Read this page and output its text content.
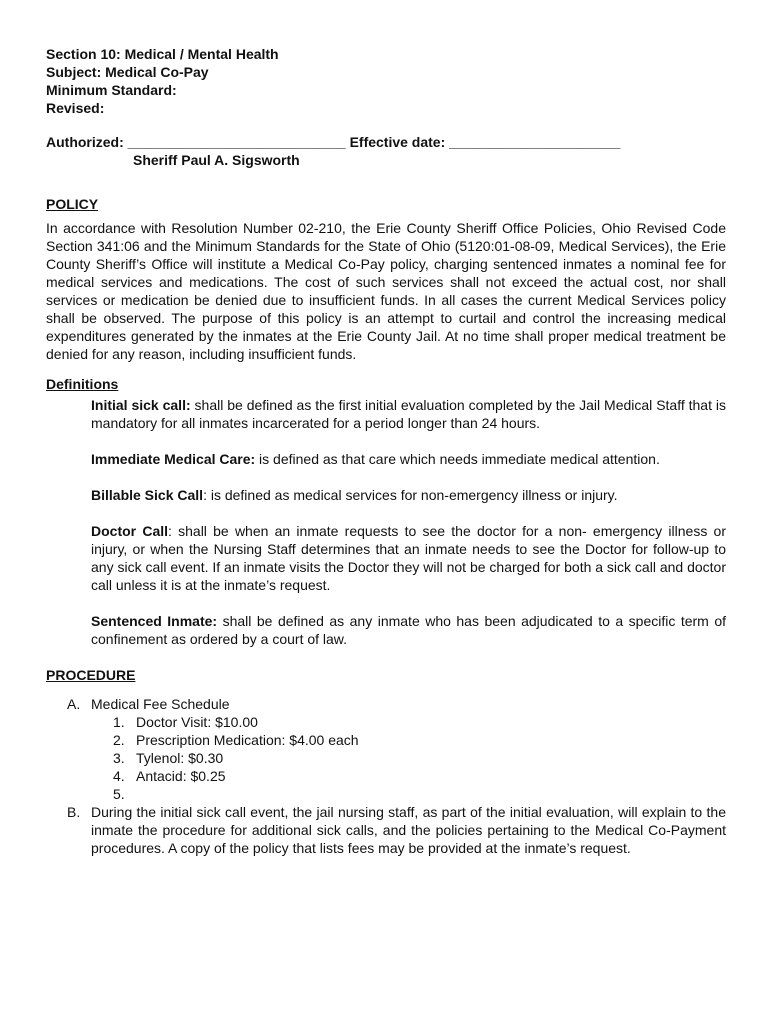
Section 10: Medical / Mental Health
Subject: Medical Co-Pay
Minimum Standard:
Revised:
Authorized: ____________________________ Effective date: ______________________
Sheriff Paul A. Sigsworth
POLICY
In accordance with Resolution Number 02-210, the Erie County Sheriff Office Policies, Ohio Revised Code Section 341:06 and the Minimum Standards for the State of Ohio (5120:01-08-09, Medical Services), the Erie County Sheriff’s Office will institute a Medical Co-Pay policy, charging sentenced inmates a nominal fee for medical services and medications. The cost of such services shall not exceed the actual cost, nor shall services or medication be denied due to insufficient funds. In all cases the current Medical Services policy shall be observed. The purpose of this policy is an attempt to curtail and control the increasing medical expenditures generated by the inmates at the Erie County Jail. At no time shall proper medical treatment be denied for any reason, including insufficient funds.
Definitions
Initial sick call: shall be defined as the first initial evaluation completed by the Jail Medical Staff that is mandatory for all inmates incarcerated for a period longer than 24 hours.
Immediate Medical Care: is defined as that care which needs immediate medical attention.
Billable Sick Call: is defined as medical services for non-emergency illness or injury.
Doctor Call: shall be when an inmate requests to see the doctor for a non- emergency illness or injury, or when the Nursing Staff determines that an inmate needs to see the Doctor for follow-up to any sick call event. If an inmate visits the Doctor they will not be charged for both a sick call and doctor call unless it is at the inmate’s request.
Sentenced Inmate: shall be defined as any inmate who has been adjudicated to a specific term of confinement as ordered by a court of law.
PROCEDURE
A. Medical Fee Schedule
1. Doctor Visit: $10.00
2. Prescription Medication: $4.00 each
3. Tylenol: $0.30
4. Antacid: $0.25
5.
B. During the initial sick call event, the jail nursing staff, as part of the initial evaluation, will explain to the inmate the procedure for additional sick calls, and the policies pertaining to the Medical Co-Payment procedures. A copy of the policy that lists fees may be provided at the inmate’s request.
